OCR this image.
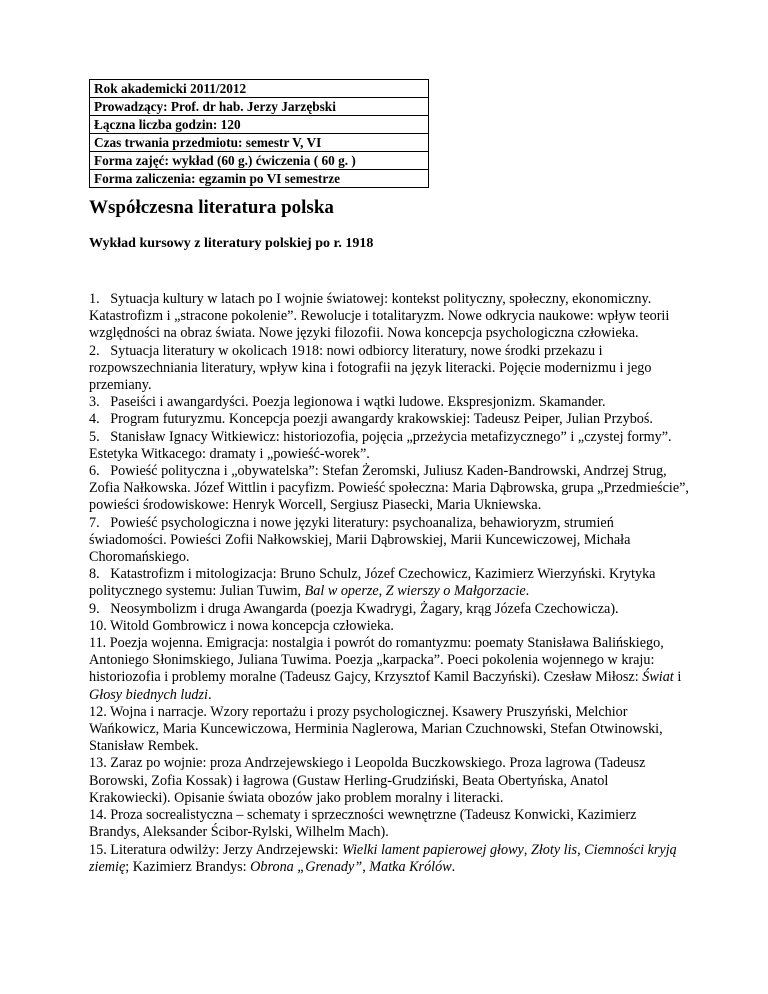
Rok akademicki 2011/2012
Prowadzący: Prof. dr hab. Jerzy Jarzębski
Łączna liczba godzin: 120
Czas trwania przedmiotu: semestr V, VI
Forma zajęć: wykład (60 g.) ćwiczenia ( 60 g. )
Forma zaliczenia: egzamin po VI semestrze
Współczesna literatura polska
Wykład kursowy z literatury polskiej po r. 1918

1. Sytuacja kultury w latach po I wojnie światowej: kontekst polityczny, społeczny, ekonomiczny. Katastrofizm i „stracone pokolenie”. Rewolucje i totalitaryzm. Nowe odkrycia naukowe: wpływ teorii względności na obraz świata. Nowe języki filozofii. Nowa koncepcja psychologiczna człowieka.

2. Sytuacja literatury w okolicach 1918: nowi odbiorcy literatury, nowe środki przekazu i rozpowszechniania literatury, wpływ kina i fotografii na język literacki. Pojęcie modernizmu i jego przemiany.

3. Paseiści i awangardyści. Poezja legionowa i wątki ludowe. Ekspresjonizm. Skamander.

4. Program futuryzmu. Koncepcja poezji awangardy krakowskiej: Tadeusz Peiper, Julian Przyboś.

5. Stanisław Ignacy Witkiewicz: historiozofia, pojęcia „przeżycia metafizycznego” i „czystej formy”. Estetyka Witkacego: dramaty i „powieść-worek”.

6. Powieść polityczna i „obywatelska”: Stefan Żeromski, Juliusz Kaden-Bandrowski, Andrzej Strug, Zofia Nałkowska. Józef Wittlin i pacyfizm. Powieść społeczna: Maria Dąbrowska, grupa „Przedmieście”, powieści środowiskowe: Henryk Worcell, Sergiusz Piasecki, Maria Ukniewska.

7. Powieść psychologiczna i nowe języki literatury: psychoanaliza, behawioryzm, strumień świadomości. Powieści Zofii Nałkowskiej, Marii Dąbrowskiej, Marii Kuncewiczowej, Michała Choromańskiego.

8. Katastrofizm i mitologizacja: Bruno Schulz, Józef Czechowicz, Kazimierz Wierzyński. Krytyka politycznego systemu: Julian Tuwim, Bal w operze, Z wierszy o Małgorzacie.

9. Neosymbolizm i druga Awangarda (poezja Kwadrygi, Żagary, krąg Józefa Czechowicza).

10. Witold Gombrowicz i nowa koncepcja człowieka.

11. Poezja wojenna. Emigracja: nostalgia i powrót do romantyzmu: poematy Stanisława Balińskiego, Antoniego Słonimskiego, Juliana Tuwima. Poezja „karpacka”. Poeci pokolenia wojennego w kraju: historiozofia i problemy moralne (Tadeusz Gajcy, Krzysztof Kamil Baczyński). Czesław Miłosz: Świat i Głosy biednych ludzi.

12. Wojna i narracje. Wzory reportażu i prozy psychologicznej. Ksawery Pruszyński, Melchior Wańkowicz, Maria Kuncewiczowa, Herminia Naglerowa, Marian Czuchnowski, Stefan Otwinowski, Stanisław Rembek.

13. Zaraz po wojnie: proza Andrzejewskiego i Leopolda Buczkowskiego. Proza lagrowa (Tadeusz Borowski, Zofia Kossak) i łagrowa (Gustaw Herling-Grudziński, Beata Obertyńska, Anatol Krakowiecki). Opisanie świata obozów jako problem moralny i literacki.

14. Proza socrealistyczna – schematy i sprzeczności wewnętrzne (Tadeusz Konwicki, Kazimierz Brandys, Aleksander Ścibor-Rylski, Wilhelm Mach).

15. Literatura odwilży: Jerzy Andrzejewski: Wielki lament papierowej głowy, Złoty lis, Ciemności kryją ziemię; Kazimierz Brandys: Obrona „Grenady”, Matka Królów.
